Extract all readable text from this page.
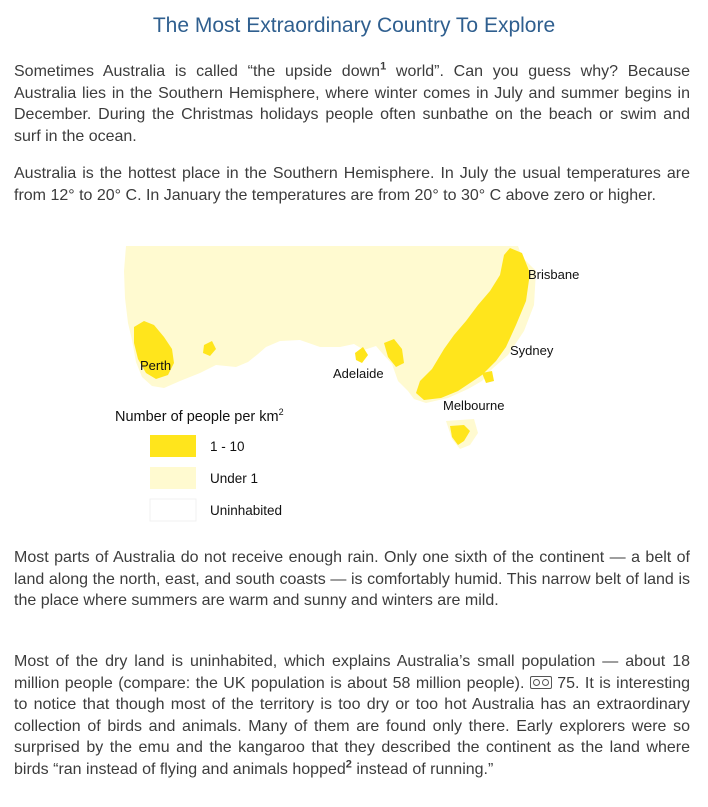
The Most Extraordinary Country To Explore

Sometimes Australia is called “the upside down$^1$ world”. Can you guess why? Because Australia lies in the Southern Hemisphere, where winter comes in July and summer begins in December. During the Christmas holidays people often sunbathe on the beach or swim and surf in the ocean.

Australia is the hottest place in the Southern Hemisphere. In July the usual temperatures are from 12° to 20° C. In January the temperatures are from 20° to 30° C above zero or higher.

Brisbane
Sydney
Perth
Adelaide
Melbourne
Number of people per $km^2$
1 - 10
Under 1
Uninhabited

Most parts of Australia do not receive enough rain. Only one sixth of the continent — a belt of land along the north, east, and south coasts — is comfortably humid. This narrow belt of land is the place where summers are warm and sunny and winters are mild.

Most of the dry land is uninhabited, which explains Australia’s small population — about 18 million people (compare: the UK population is about 58 million people).  75. It is interesting to notice that though most of the territory is too dry or too hot Australia has an extraordinary collection of birds and animals. Many of them are found only there. Early explorers were so surprised by the emu and the kangaroo that they described the continent as the land where birds “ran instead of flying and animals hopped$^2$ instead of running.”
